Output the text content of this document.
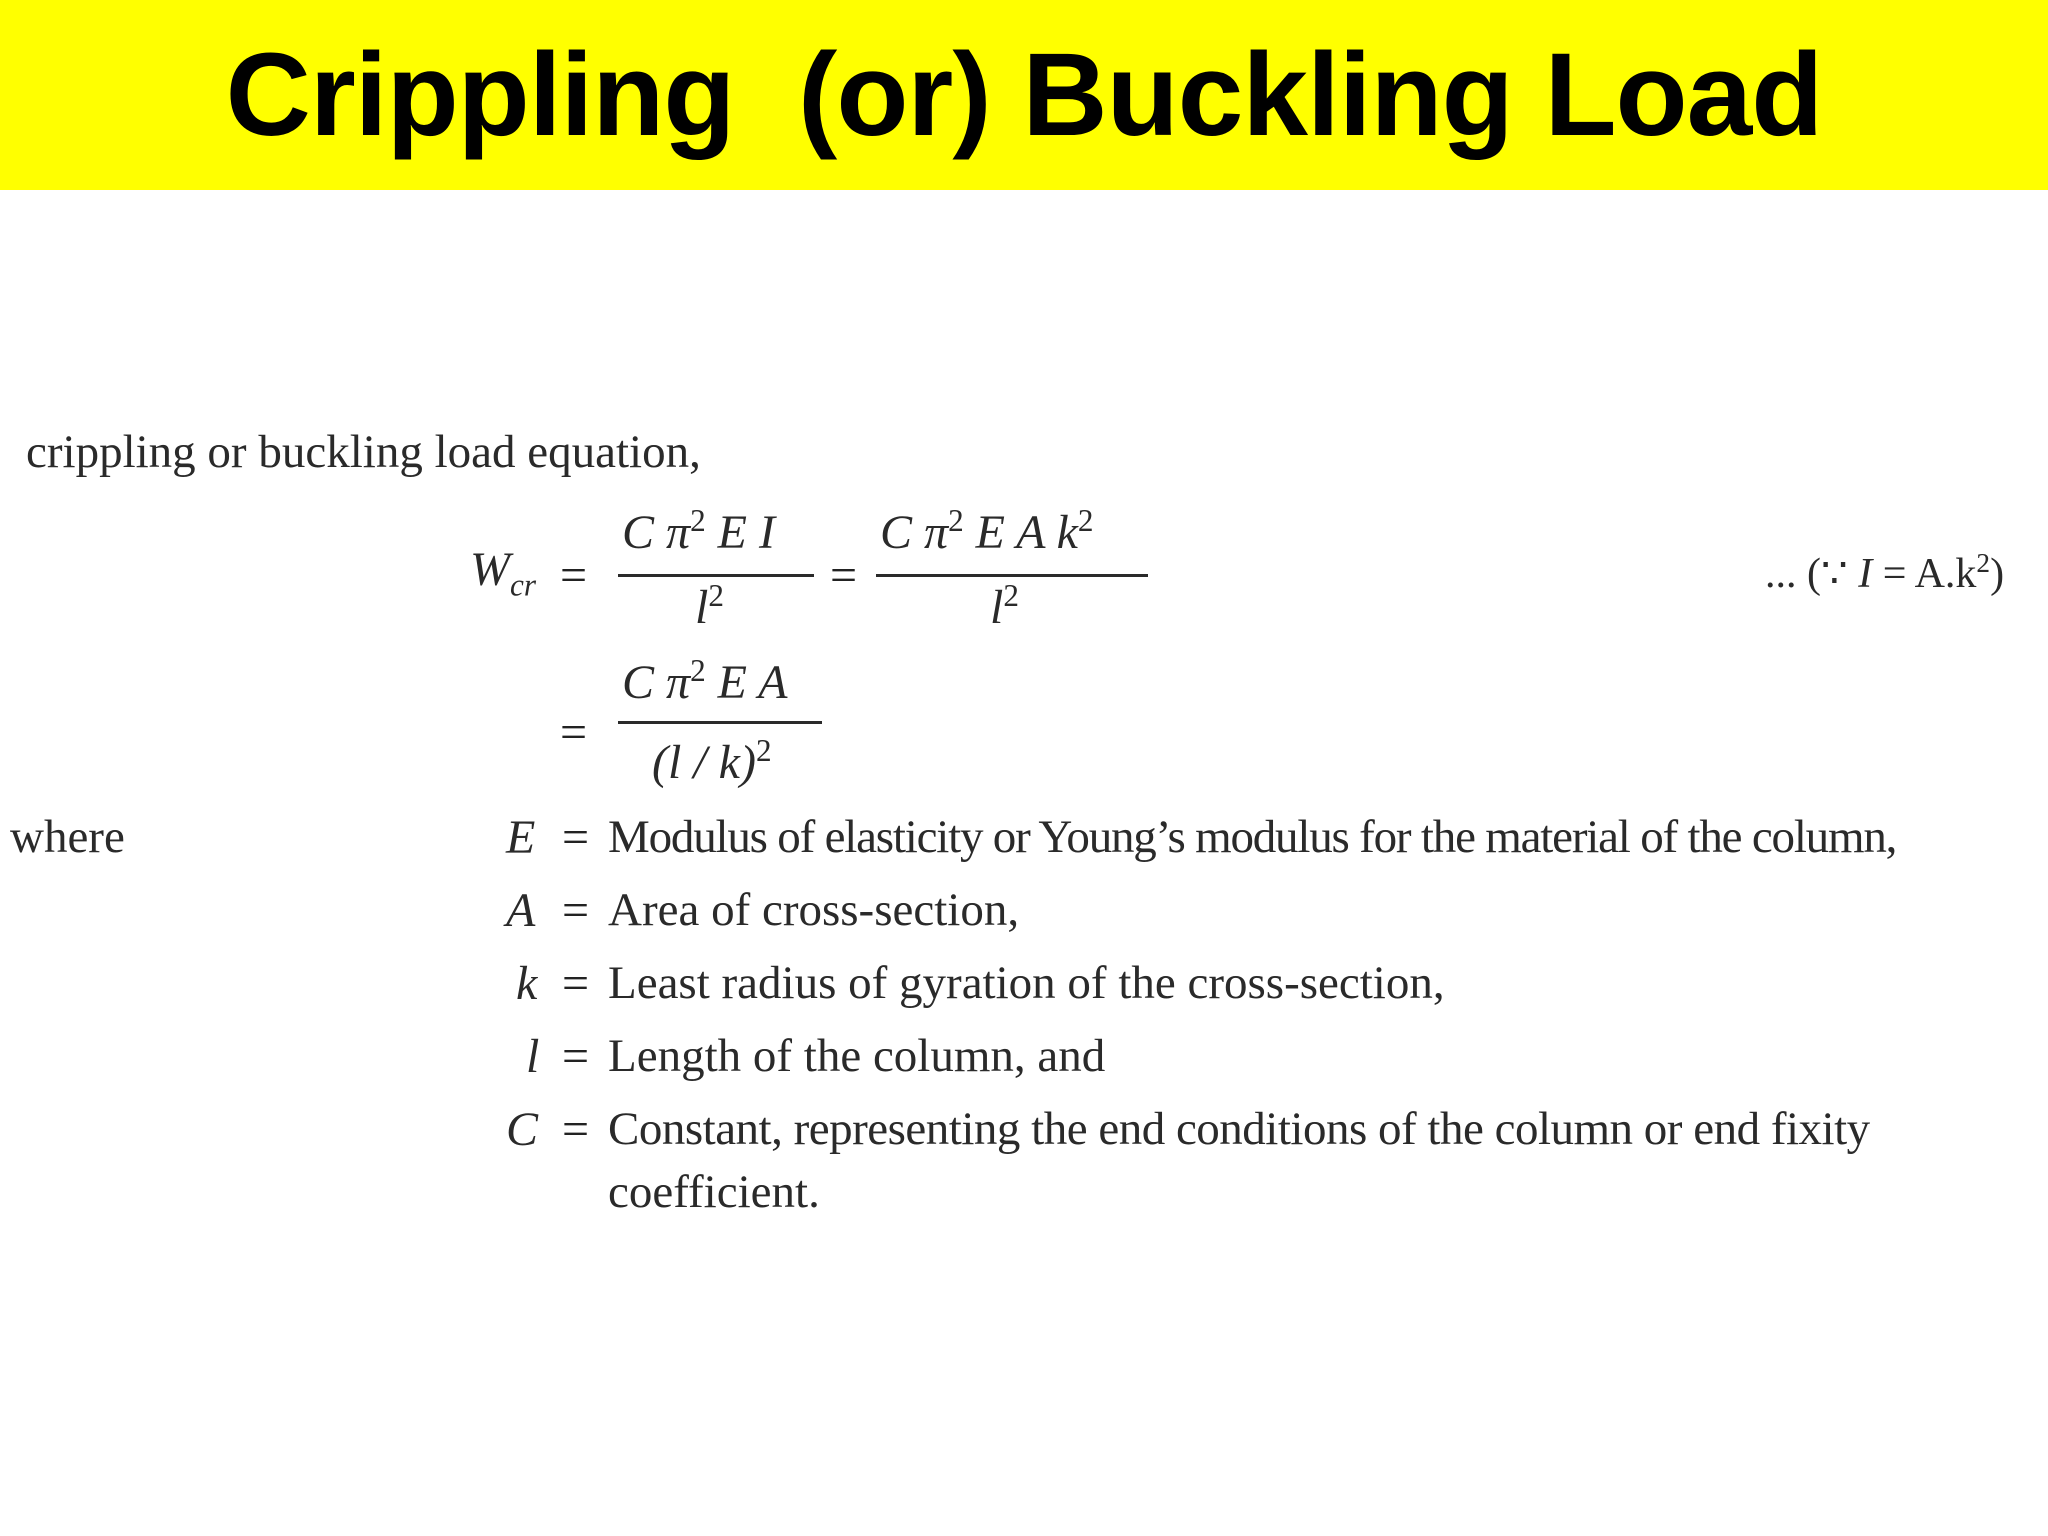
Crippling  (or) Buckling Load
crippling or buckling load equation,
$W_{cr}$ =
C $\pi^2$ E I
$l^2$ =
C $\pi^2$ E A $k^2$
$l^2$	... (∵ $I = A.k^2$)
=
C $\pi^2$ E A
(l / k)$^2$
where	E = Modulus of elasticity or Young’s modulus for the material of the column,
A = Area of cross-section,
k = Least radius of gyration of the cross-section,
l = Length of the column, and
C = Constant, representing the end conditions of the column or end fixity
coefficient.
